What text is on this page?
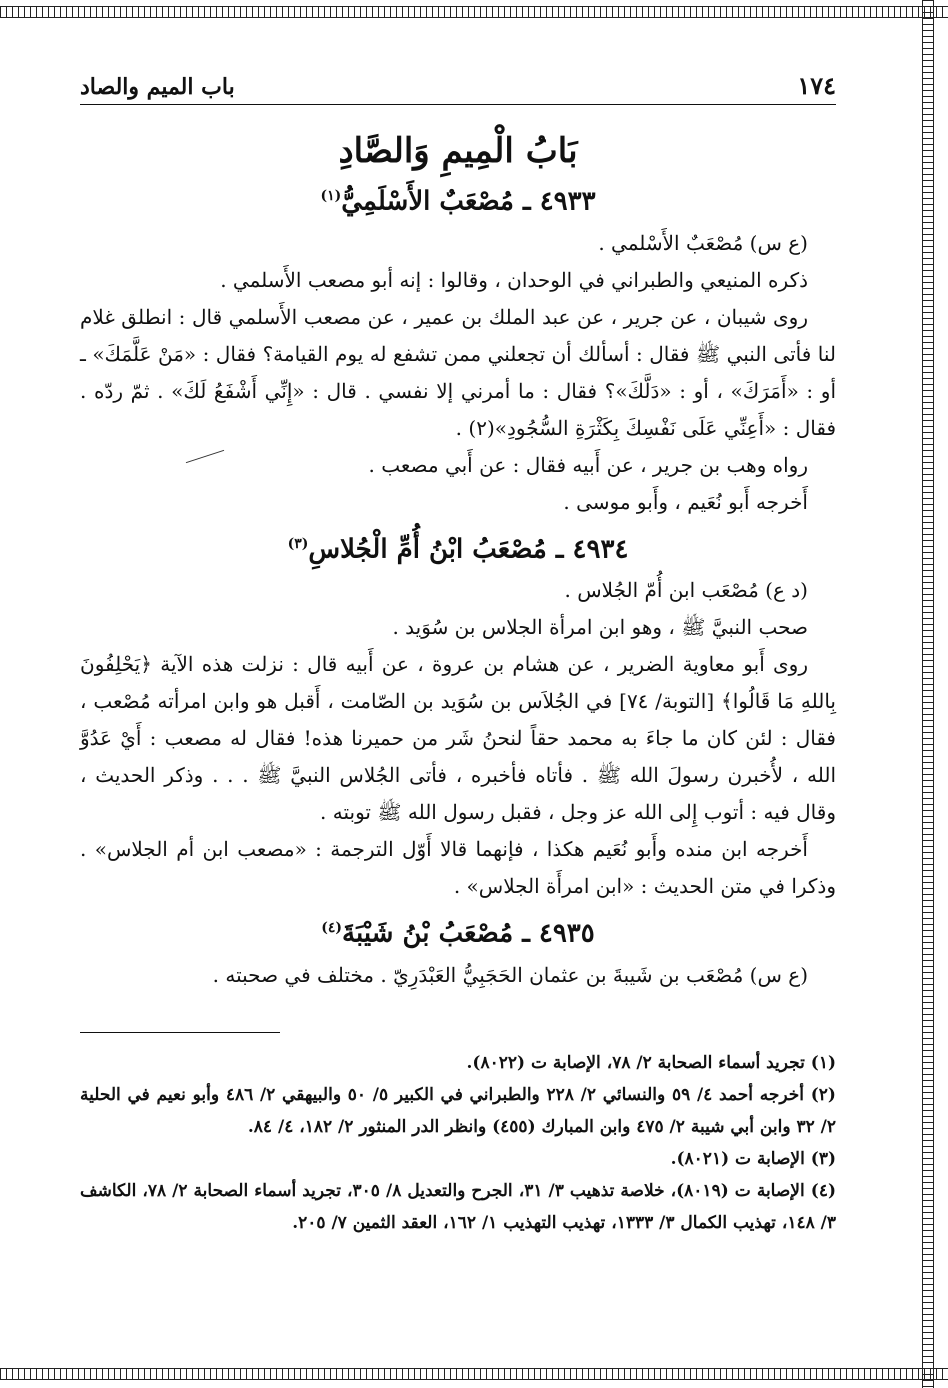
١٧٤
باب الميم والصاد
بَابُ الْمِيمِ وَالصَّادِ
٤٩٣٣ ـ مُصْعَبٌ الأَسْلَمِيُّ$^{(١)}$

(ع س) مُصْعَبٌ الأَسْلمي .

ذكره المنيعي والطبراني في الوحدان ، وقالوا : إنه أبو مصعب الأَسلمي .

روى شيبان ، عن جرير ، عن عبد الملك بن عمير ، عن مصعب الأَسلمي قال : انطلق غلام لنا فأتى النبي ﷺ فقال : أسألك أن تجعلني ممن تشفع له يوم القيامة؟ فقال : «مَنْ عَلَّمَكَ» ـ أو : «أَمَرَكَ» ، أو : «دَلَّكَ»؟ فقال : ما أمرني إلا نفسي . قال : «إِنِّي أَشْفَعُ لَكَ» . ثمّ ردّه . فقال : «أَعِنِّي عَلَى نَفْسِكَ بِكَثْرَةِ السُّجُودِ»(٢) .

رواه وهب بن جرير ، عن أَبيه فقال : عن أَبي مصعب .

أَخرجه أَبو نُعَيم ، وأَبو موسى .

٤٩٣٤ ـ مُصْعَبُ ابْنُ أُمِّ الْجُلاسِ$^{(٣)}$

(د ع) مُصْعَب ابن أُمّ الجُلاس .

صحب النبيَّ ﷺ ، وهو ابن امرأة الجلاس بن سُوَيد .

روى أَبو معاوية الضرير ، عن هشام بن عروة ، عن أَبيه قال : نزلت هذه الآية ﴿يَحْلِفُونَ بِاللهِ مَا قَالُوا﴾ [التوبة/ ٧٤] في الجُلاَس بن سُوَيد بن الصّامت ، أَقبل هو وابن امرأته مُصْعب ، فقال : لئن كان ما جاءَ به محمد حقاً لنحنُ شَر من حميرنا هذه! فقال له مصعب : أَيْ عَدُوَّ الله ، لأُخبرن رسولَ الله ﷺ . فأتاه فأخبره ، فأتى الجُلاس النبيَّ ﷺ . . . وذكر الحديث ، وقال فيه : أتوب إِلى الله عز وجل ، فقبل رسول الله ﷺ توبته .

أَخرجه ابن منده وأَبو نُعَيم هكذا ، فإنهما قالا أَوّل الترجمة : «مصعب ابن أم الجلاس» . وذكرا في متن الحديث : «ابن امرأَة الجلاس» .

٤٩٣٥ ـ مُصْعَبُ بْنُ شَيْبَةَ$^{(٤)}$

(ع س) مُصْعَب بن شَيبةَ بن عثمان الحَجَبِيُّ العَبْدَرِيّ . مختلف في صحبته .

(١) تجريد أسماء الصحابة ٢/ ٧٨، الإصابة ت (٨٠٢٢).

(٢) أخرجه أحمد ٤/ ٥٩ والنسائي ٢/ ٢٢٨ والطبراني في الكبير ٥/ ٥٠ والبيهقي ٢/ ٤٨٦ وأبو نعيم في الحلية ٢/ ٣٢ وابن أبي شيبة ٢/ ٤٧٥ وابن المبارك (٤٥٥) وانظر الدر المنثور ٢/ ١٨٢، ٤/ ٨٤.

(٣) الإصابة ت (٨٠٢١).

(٤) الإصابة ت (٨٠١٩)، خلاصة تذهيب ٣/ ٣١، الجرح والتعديل ٨/ ٣٠٥، تجريد أسماء الصحابة ٢/ ٧٨، الكاشف ٣/ ١٤٨، تهذيب الكمال ٣/ ١٣٣٣، تهذيب التهذيب ١/ ١٦٢، العقد الثمين ٧/ ٢٠٥.
